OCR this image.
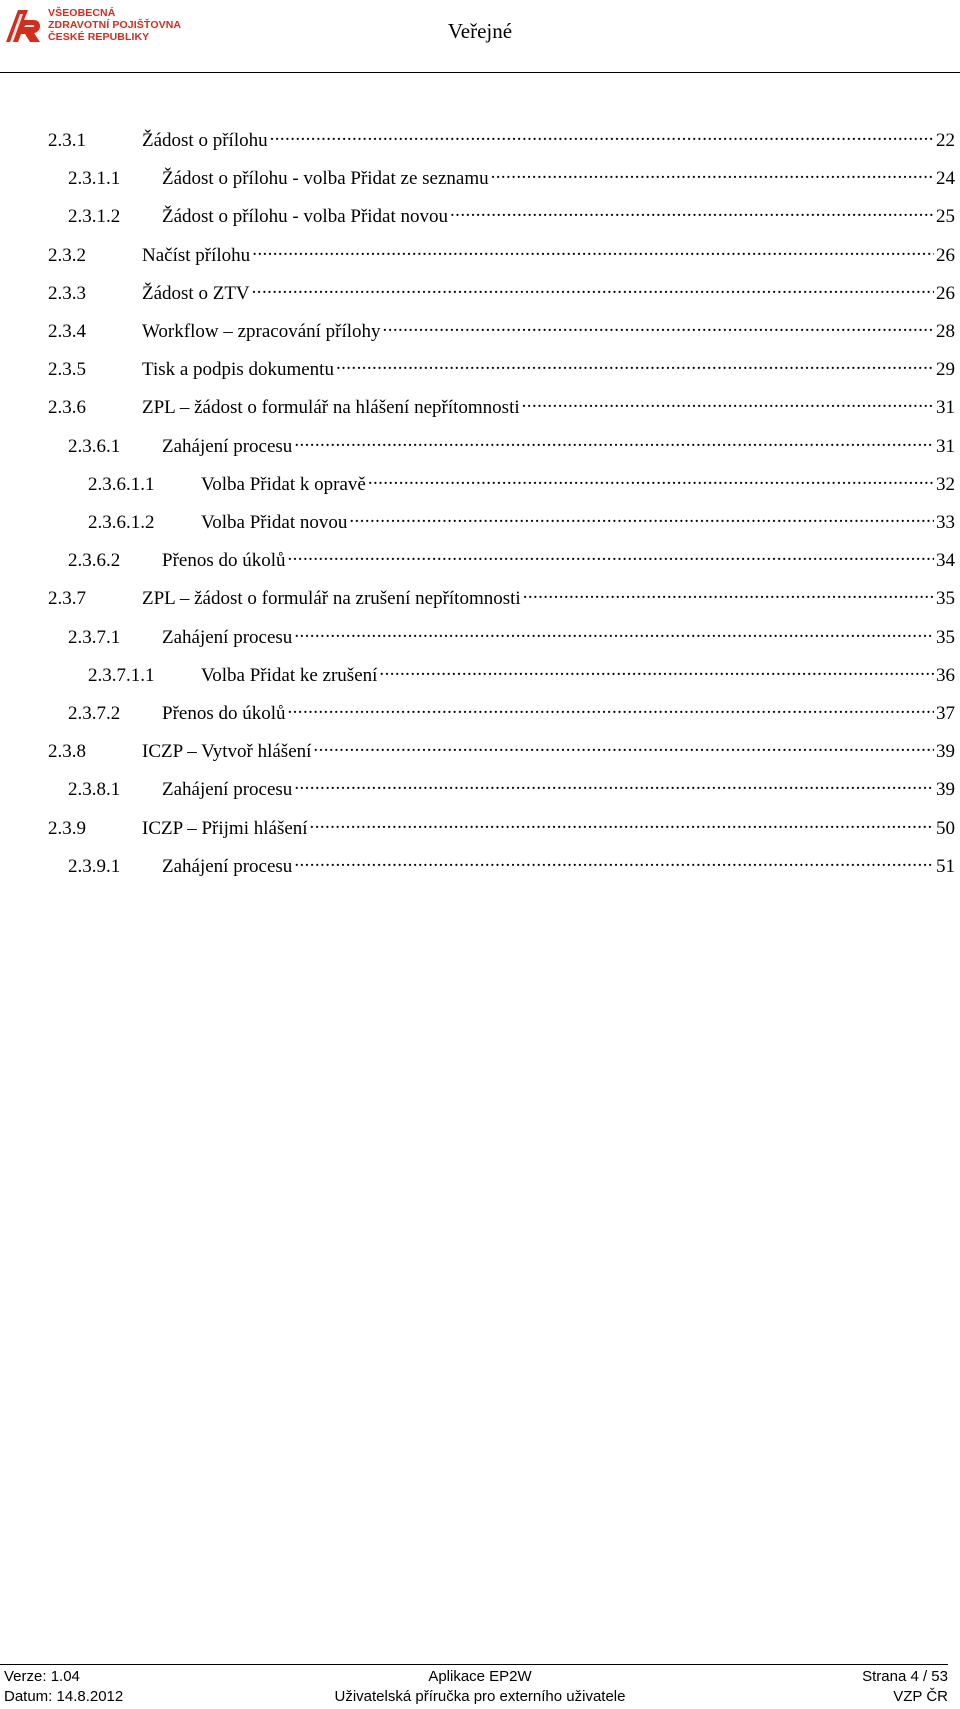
VŠEOBECNÁ
ZDRAVOTNÍ POJIŠŤOVNA
ČESKÉ REPUBLIKY	Veřejné
2.3.1	Žádost o přílohu .....	22
2.3.1.1	Žádost o přílohu - volba Přidat ze seznamu .....	24
2.3.1.2	Žádost o přílohu - volba Přidat novou .....	25
2.3.2	Načíst přílohu .....	26
2.3.3	Žádost o ZTV .....	26
2.3.4	Workflow – zpracování přílohy .....	28
2.3.5	Tisk a podpis dokumentu .....	29
2.3.6	ZPL – žádost o formulář na hlášení nepřítomnosti .....	31
2.3.6.1	Zahájení procesu .....	31
2.3.6.1.1	Volba Přidat k opravě .....	32
2.3.6.1.2	Volba Přidat novou .....	33
2.3.6.2	Přenos do úkolů .....	34
2.3.7	ZPL – žádost o formulář na zrušení nepřítomnosti .....	35
2.3.7.1	Zahájení procesu .....	35
2.3.7.1.1	Volba Přidat ke zrušení .....	36
2.3.7.2	Přenos do úkolů .....	37
2.3.8	ICZP – Vytvoř hlášení .....	39
2.3.8.1	Zahájení procesu .....	39
2.3.9	ICZP – Přijmi hlášení .....	50
2.3.9.1	Zahájení procesu .....	51
Verze: 1.04
Datum: 14.8.2012
Aplikace EP2W
Uživatelská příručka pro externího uživatele
Strana 4 / 53
VZP ČR
